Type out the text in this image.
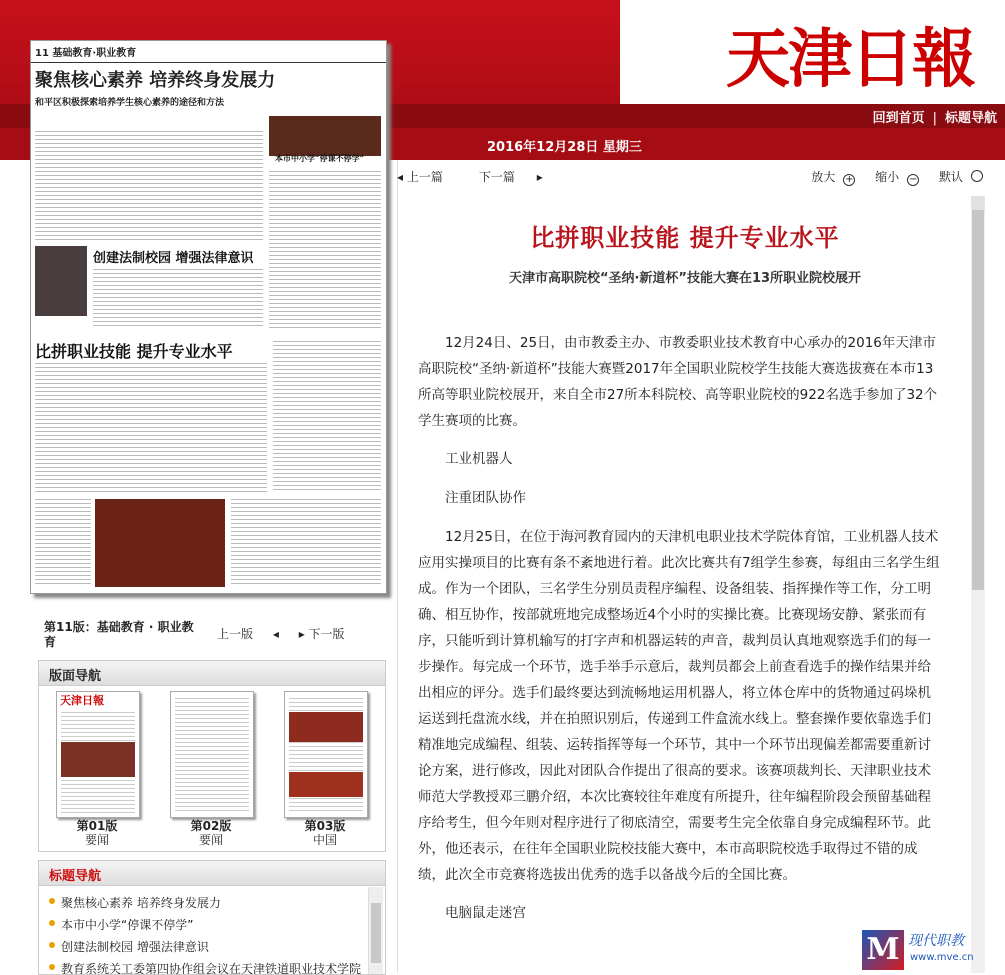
天津日報
回到首页 | 标题导航
2016年12月28日 星期三
11 基础教育·职业教育
聚焦核心素养 培养终身发展力
和平区积极探索培养学生核心素养的途径和方法
本市中小学“停课不停学”
创建法制校园 增强法律意识
比拼职业技能 提升专业水平
第11版：基础教育 · 职业教育
上一版 ◂ ▸ 下一版
版面导航
天津日報
第01版
要闻
第02版
要闻
第03版
中国
标题导航
聚焦核心素养 培养终身发展力
本市中小学“停课不停学”
创建法制校园 增强法律意识
教育系统关工委第四协作组会议在天津铁道职业技术学院
◂ 上一篇	下一篇 ▸	放大 + 缩小 − 默认
比拼职业技能 提升专业水平
天津市高职院校“圣纳·新道杯”技能大赛在13所职业院校展开

12月24日、25日，由市教委主办、市教委职业技术教育中心承办的2016年天津市高职院校“圣纳·新道杯”技能大赛暨2017年全国职业院校学生技能大赛选拔赛在本市13所高等职业院校展开，来自全市27所本科院校、高等职业院校的922名选手参加了32个学生赛项的比赛。

工业机器人

注重团队协作

12月25日，在位于海河教育园内的天津机电职业技术学院体育馆，工业机器人技术应用实操项目的比赛有条不紊地进行着。此次比赛共有7组学生参赛，每组由三名学生组成。作为一个团队，三名学生分别员责程序编程、设备组装、指挥操作等工作，分工明确、相互协作，按部就班地完成整场近4个小时的实操比赛。比赛现场安静、紧张而有序，只能听到计算机输写的打字声和机器运转的声音，裁判员认真地观察选手们的每一步操作。每完成一个环节，选手举手示意后，裁判员都会上前查看选手的操作结果并给出相应的评分。选手们最终要达到流畅地运用机器人，将立体仓库中的货物通过码垛机运送到托盘流水线，并在拍照识别后，传递到工件盒流水线上。整套操作要依靠选手们精准地完成编程、组装、运转指挥等每一个环节，其中一个环节出现偏差都需要重新讨论方案，进行修改，因此对团队合作提出了很高的要求。该赛项裁判长、天津职业技术师范大学教授邓三鹏介绍，本次比赛较往年难度有所提升，往年编程阶段会预留基础程序给考生，但今年则对程序进行了彻底清空，需要考生完全依靠自身完成编程环节。此外，他还表示，在往年全国职业院校技能大赛中，本市高职院校选手取得过不错的成绩，此次全市竞赛将选拔出优秀的选手以备战今后的全国比赛。

电脑鼠走迷宫

M 现代职教
www.mve.cn
